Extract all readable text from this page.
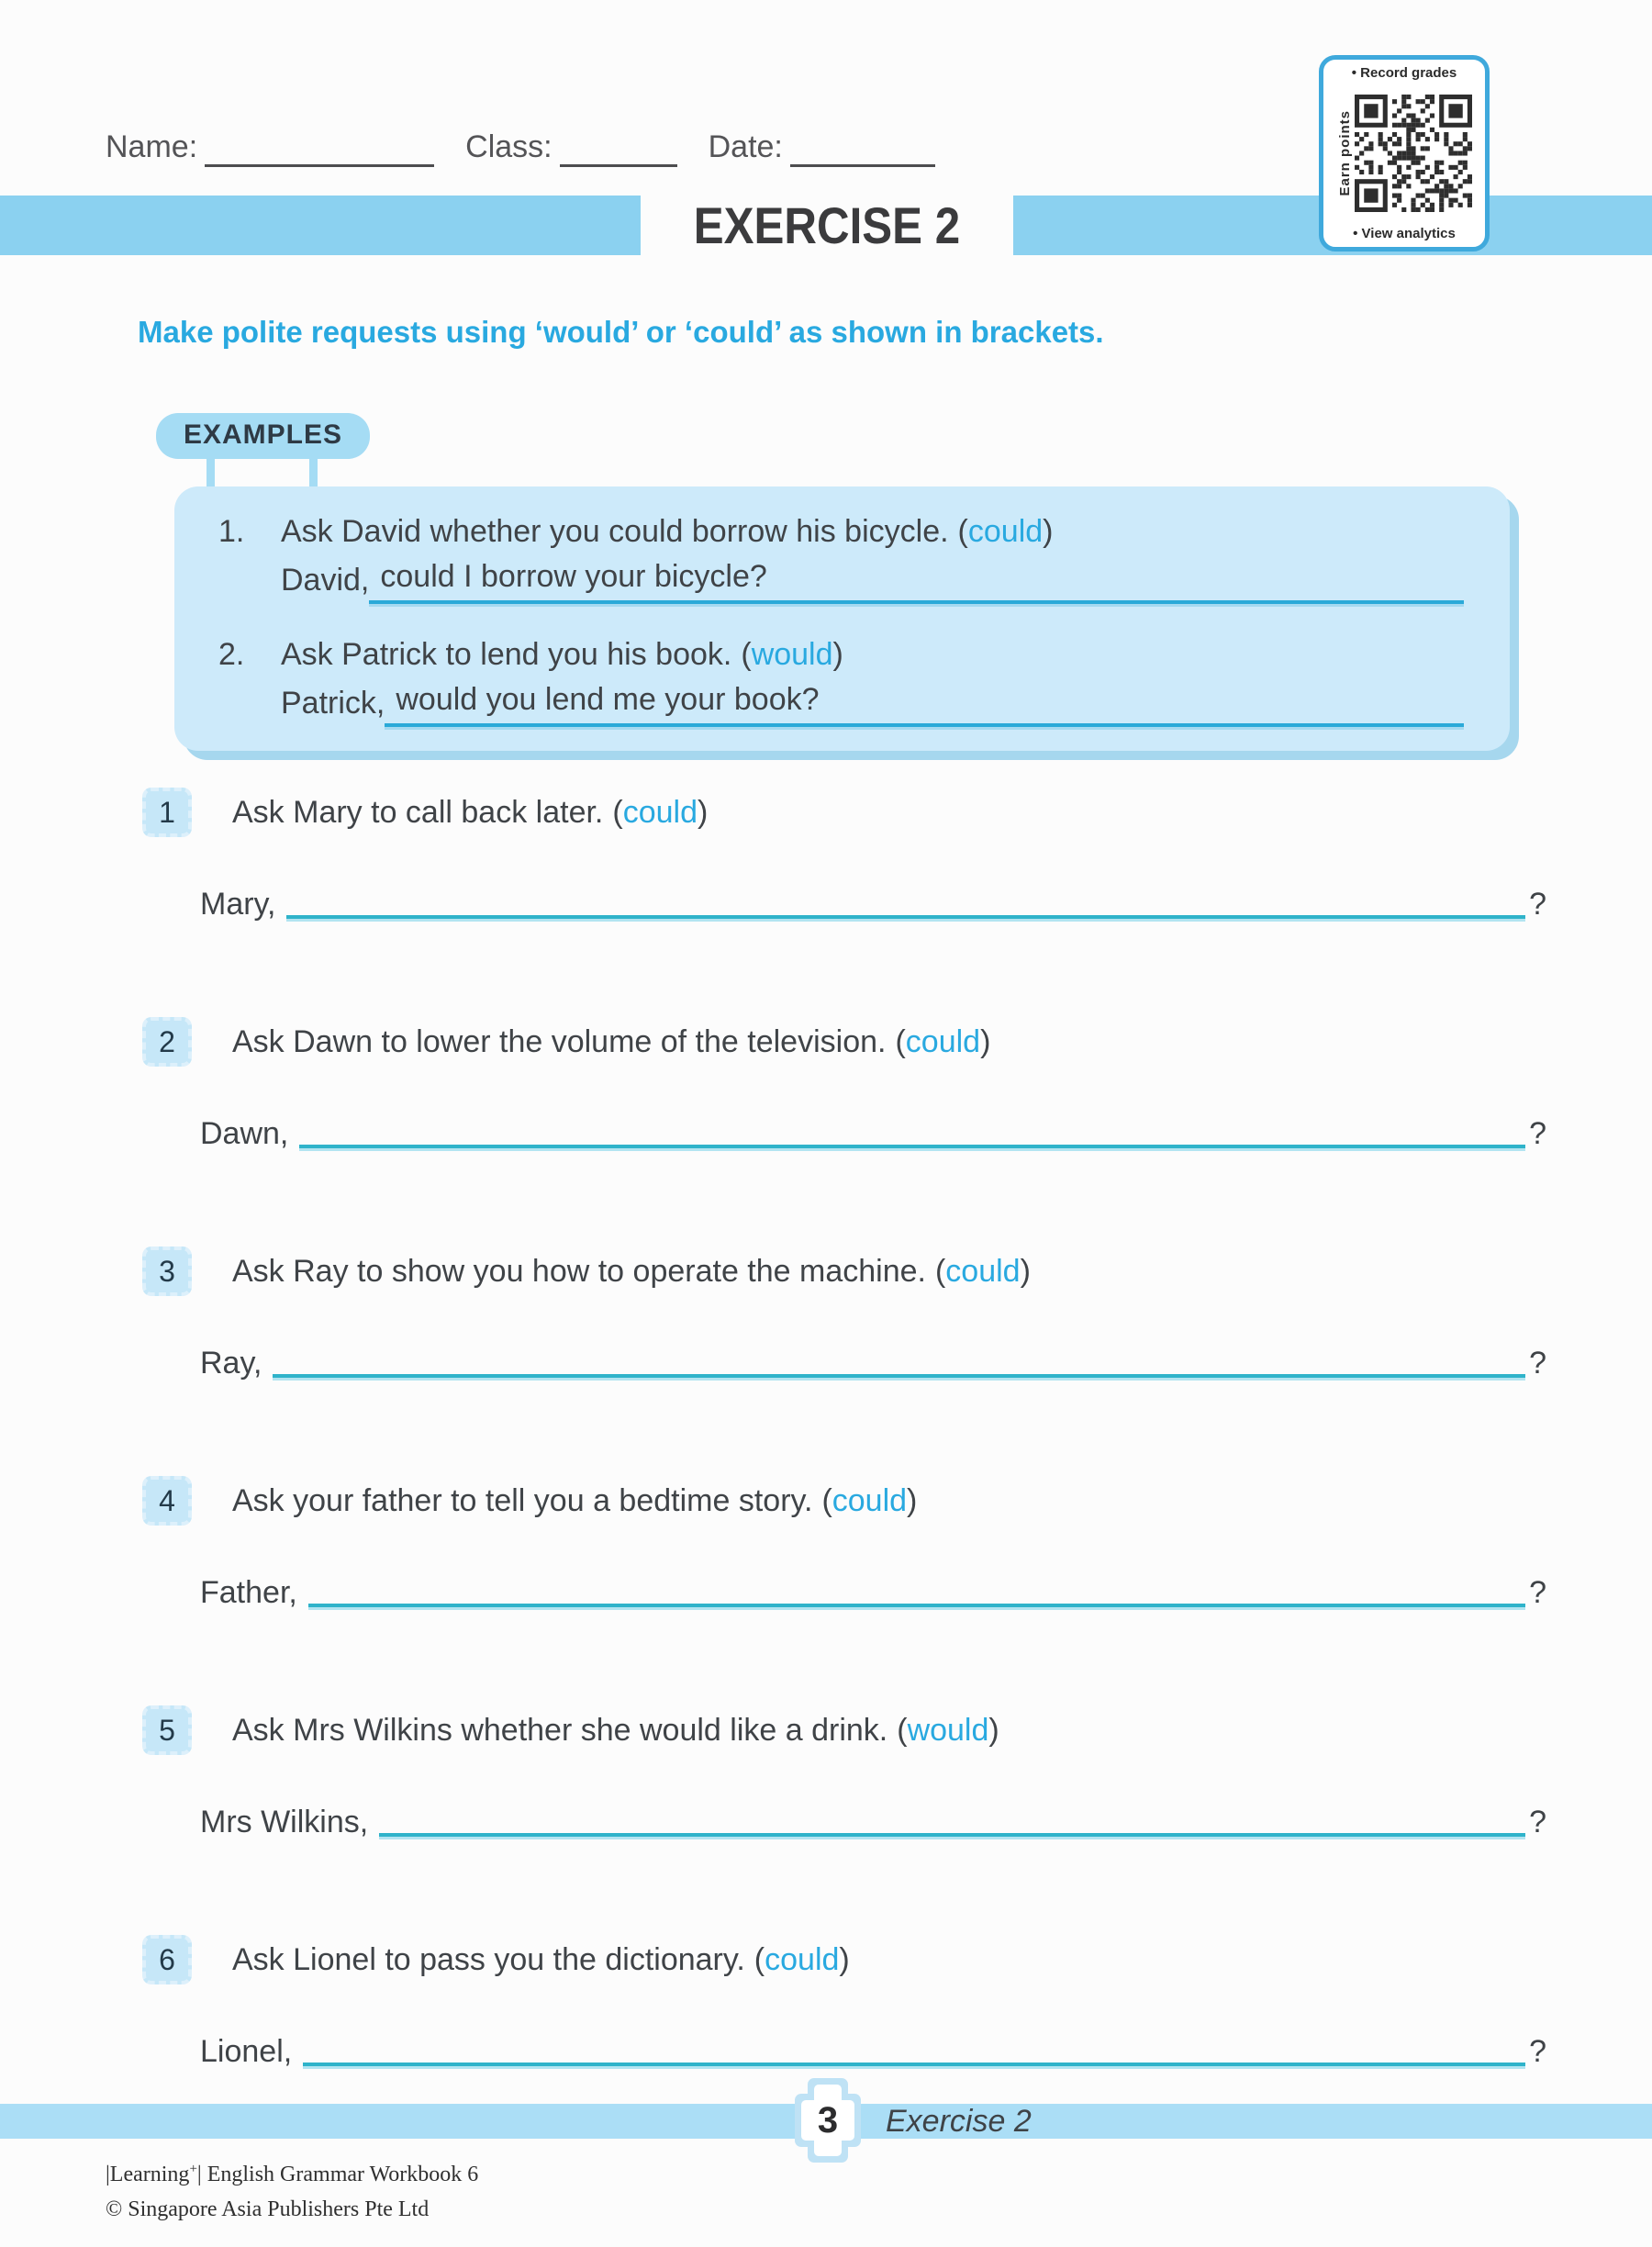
Name:	Class:	Date:
• Record grades
Earn points
• View analytics
EXERCISE 2
Make polite requests using ‘would’ or ‘could’ as shown in brackets.
EXAMPLES
1.	Ask David whether you could borrow his bicycle. (could)
David, could I borrow your bicycle?
2.	Ask Patrick to lend you his book. (would)
Patrick, would you lend me your book?
1 Ask Mary to call back later. (could)
Mary,	?
2 Ask Dawn to lower the volume of the television. (could)
Dawn,	?
3 Ask Ray to show you how to operate the machine. (could)
Ray,	?
4 Ask your father to tell you a bedtime story. (could)
Father,	?
5 Ask Mrs Wilkins whether she would like a drink. (would)
Mrs Wilkins,	?
6 Ask Lionel to pass you the dictionary. (could)
Lionel,	?
3	Exercise 2
|Learning+| English Grammar Workbook 6
© Singapore Asia Publishers Pte Ltd
